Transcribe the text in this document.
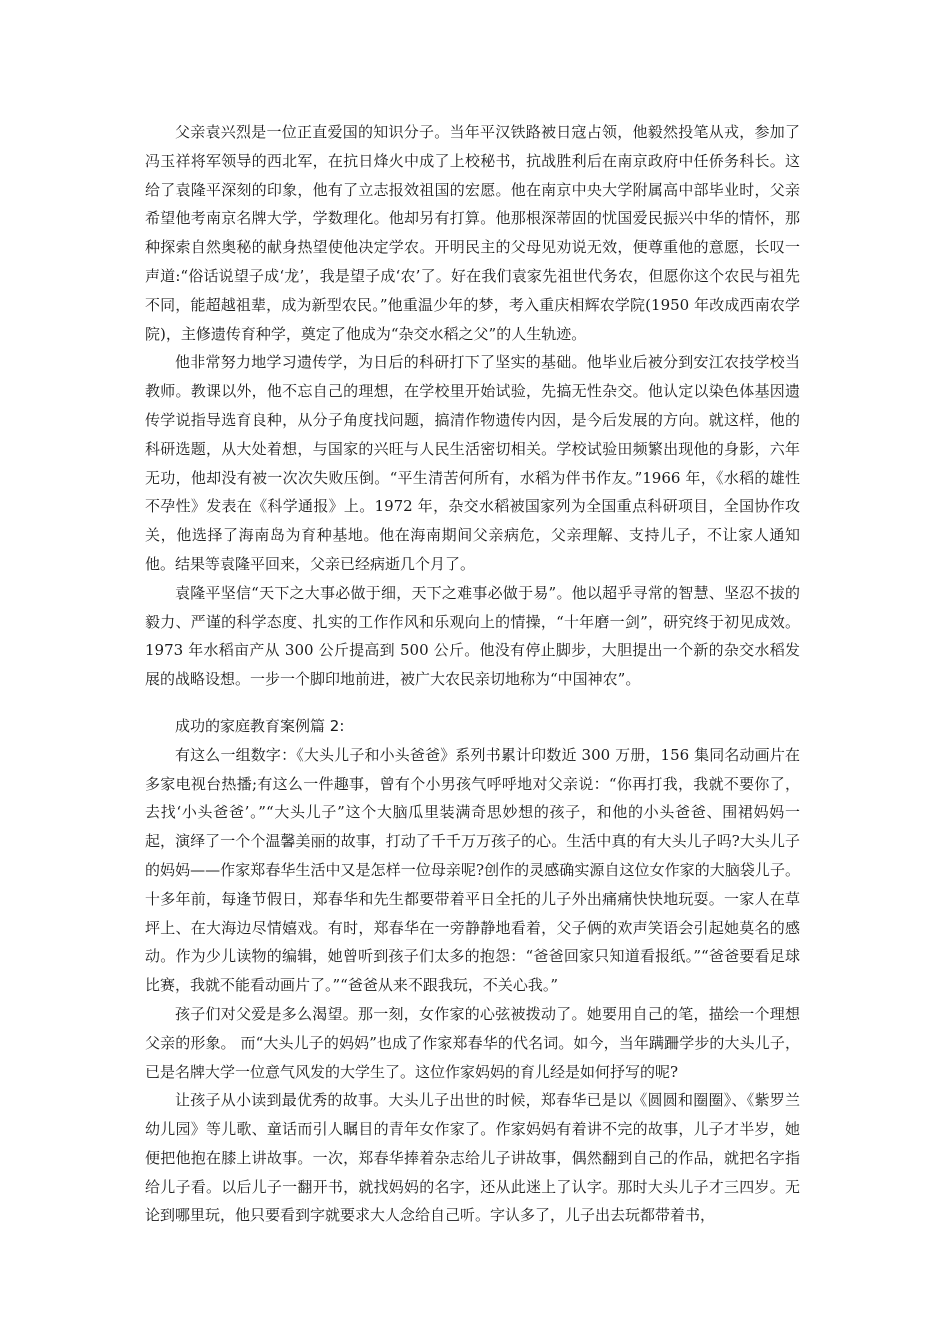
父亲袁兴烈是一位正直爱国的知识分子。当年平汉铁路被日寇占领，他毅然投笔从戎，参加了冯玉祥将军领导的西北军，在抗日烽火中成了上校秘书，抗战胜利后在南京政府中任侨务科长。这给了袁隆平深刻的印象，他有了立志报效祖国的宏愿。他在南京中央大学附属高中部毕业时，父亲希望他考南京名牌大学，学数理化。他却另有打算。他那根深蒂固的忧国爱民振兴中华的情怀，那种探索自然奥秘的献身热望使他决定学农。开明民主的父母见劝说无效，便尊重他的意愿，长叹一声道:“俗话说望子成‘龙’，我是望子成‘农’了。好在我们袁家先祖世代务农，但愿你这个农民与祖先不同，能超越祖辈，成为新型农民。”他重温少年的梦，考入重庆相辉农学院(1950 年改成西南农学院)，主修遗传育种学，奠定了他成为“杂交水稻之父”的人生轨迹。

他非常努力地学习遗传学，为日后的科研打下了坚实的基础。他毕业后被分到安江农技学校当教师。教课以外，他不忘自己的理想，在学校里开始试验，先搞无性杂交。他认定以染色体基因遗传学说指导选育良种，从分子角度找问题，搞清作物遗传内因，是今后发展的方向。就这样，他的科研选题，从大处着想，与国家的兴旺与人民生活密切相关。学校试验田频繁出现他的身影，六年无功，他却没有被一次次失败压倒。“平生清苦何所有，水稻为伴书作友。”1966 年，《水稻的雄性不孕性》发表在《科学通报》上。1972 年，杂交水稻被国家列为全国重点科研项目，全国协作攻关，他选择了海南岛为育种基地。他在海南期间父亲病危，父亲理解、支持儿子，不让家人通知他。结果等袁隆平回来，父亲已经病逝几个月了。

袁隆平坚信“天下之大事必做于细，天下之难事必做于易”。他以超乎寻常的智慧、坚忍不拔的毅力、严谨的科学态度、扎实的工作作风和乐观向上的情操，“十年磨一剑”，研究终于初见成效。1973 年水稻亩产从 300 公斤提高到 500 公斤。他没有停止脚步，大胆提出一个新的杂交水稻发展的战略设想。一步一个脚印地前进，被广大农民亲切地称为“中国神农”。

成功的家庭教育案例篇 2:

有这么一组数字：《大头儿子和小头爸爸》系列书累计印数近 300 万册，156 集同名动画片在多家电视台热播;有这么一件趣事，曾有个小男孩气呼呼地对父亲说：“你再打我，我就不要你了，去找‘小头爸爸’。”“大头儿子”这个大脑瓜里装满奇思妙想的孩子，和他的小头爸爸、围裙妈妈一起，演绎了一个个温馨美丽的故事，打动了千千万万孩子的心。生活中真的有大头儿子吗?大头儿子的妈妈——作家郑春华生活中又是怎样一位母亲呢?创作的灵感确实源自这位女作家的大脑袋儿子。十多年前，每逢节假日，郑春华和先生都要带着平日全托的儿子外出痛痛快快地玩耍。一家人在草坪上、在大海边尽情嬉戏。有时，郑春华在一旁静静地看着，父子俩的欢声笑语会引起她莫名的感动。作为少儿读物的编辑，她曾听到孩子们太多的抱怨：“爸爸回家只知道看报纸。”“爸爸要看足球比赛，我就不能看动画片了。”“爸爸从来不跟我玩，不关心我。”

孩子们对父爱是多么渴望。那一刻，女作家的心弦被拨动了。她要用自己的笔，描绘一个理想父亲的形象。 而“大头儿子的妈妈”也成了作家郑春华的代名词。如今，当年蹒跚学步的大头儿子，已是名牌大学一位意气风发的大学生了。这位作家妈妈的育儿经是如何抒写的呢?

让孩子从小读到最优秀的故事。大头儿子出世的时候，郑春华已是以《圆圆和圈圈》、《紫罗兰幼儿园》等儿歌、童话而引人瞩目的青年女作家了。作家妈妈有着讲不完的故事，儿子才半岁，她便把他抱在膝上讲故事。一次，郑春华捧着杂志给儿子讲故事，偶然翻到自己的作品，就把名字指给儿子看。以后儿子一翻开书，就找妈妈的名字，还从此迷上了认字。那时大头儿子才三四岁。无论到哪里玩，他只要看到字就要求大人念给自己听。字认多了，儿子出去玩都带着书，
